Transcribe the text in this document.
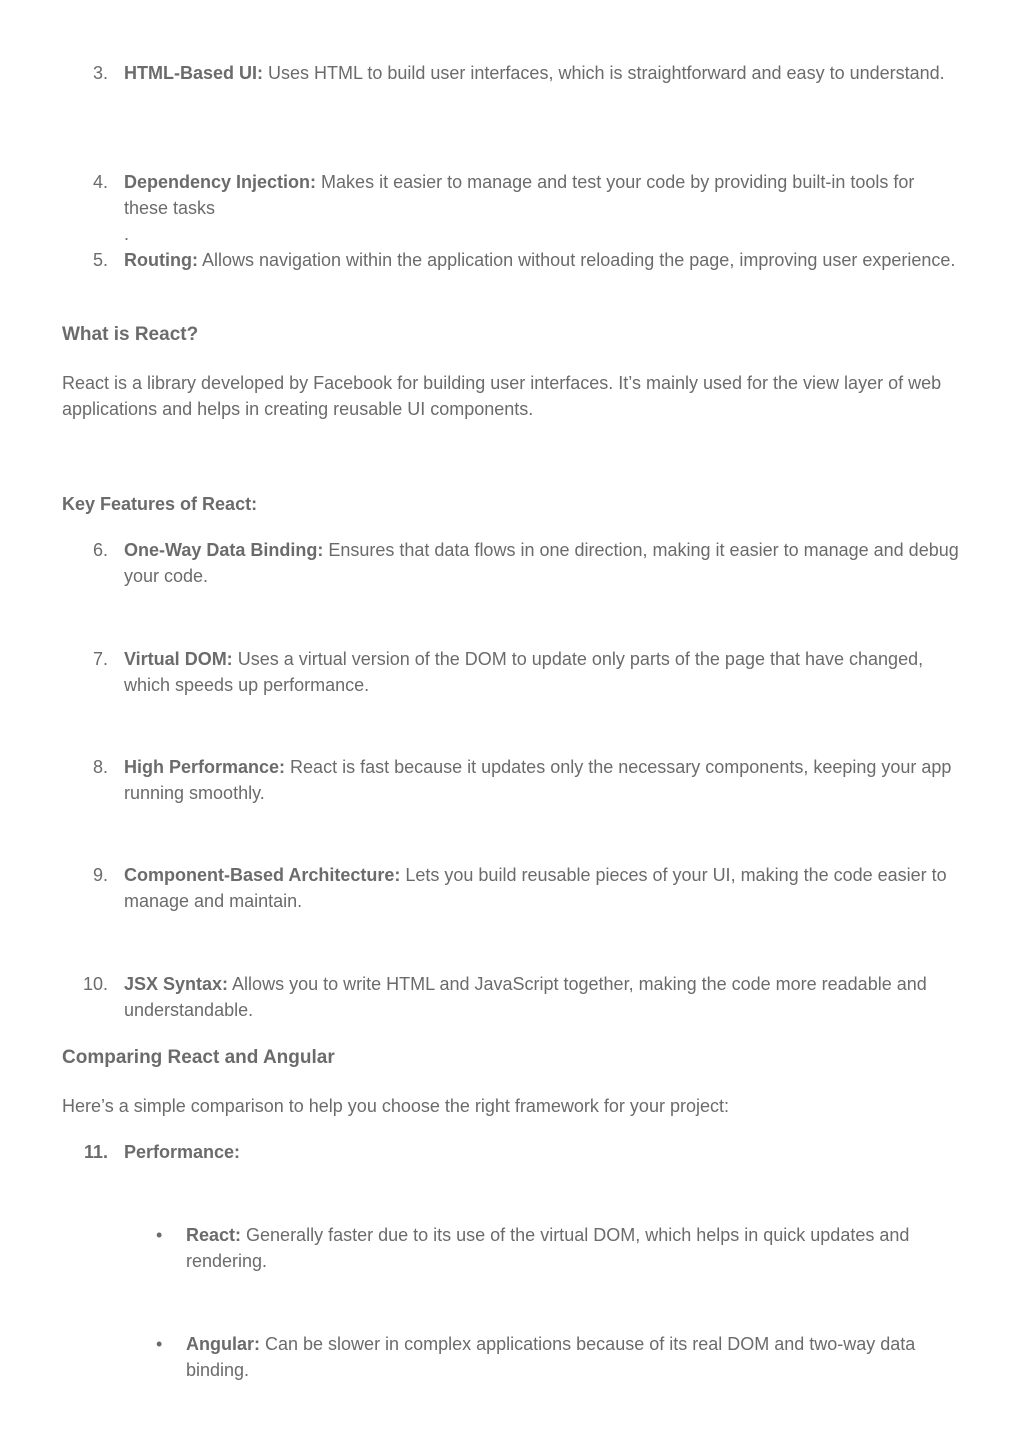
3. HTML-Based UI: Uses HTML to build user interfaces, which is straightforward and easy to understand.
4. Dependency Injection: Makes it easier to manage and test your code by providing built-in tools for these tasks
.
5. Routing: Allows navigation within the application without reloading the page, improving user experience.
What is React?
React is a library developed by Facebook for building user interfaces. It’s mainly used for the view layer of web applications and helps in creating reusable UI components.
Key Features of React:
6. One-Way Data Binding: Ensures that data flows in one direction, making it easier to manage and debug your code.
7. Virtual DOM: Uses a virtual version of the DOM to update only parts of the page that have changed, which speeds up performance.
8. High Performance: React is fast because it updates only the necessary components, keeping your app running smoothly.
9. Component-Based Architecture: Lets you build reusable pieces of your UI, making the code easier to manage and maintain.
10. JSX Syntax: Allows you to write HTML and JavaScript together, making the code more readable and understandable.
Comparing React and Angular
Here’s a simple comparison to help you choose the right framework for your project:
11. Performance:
•	React: Generally faster due to its use of the virtual DOM, which helps in quick updates and rendering.
•	Angular: Can be slower in complex applications because of its real DOM and two-way data binding.
